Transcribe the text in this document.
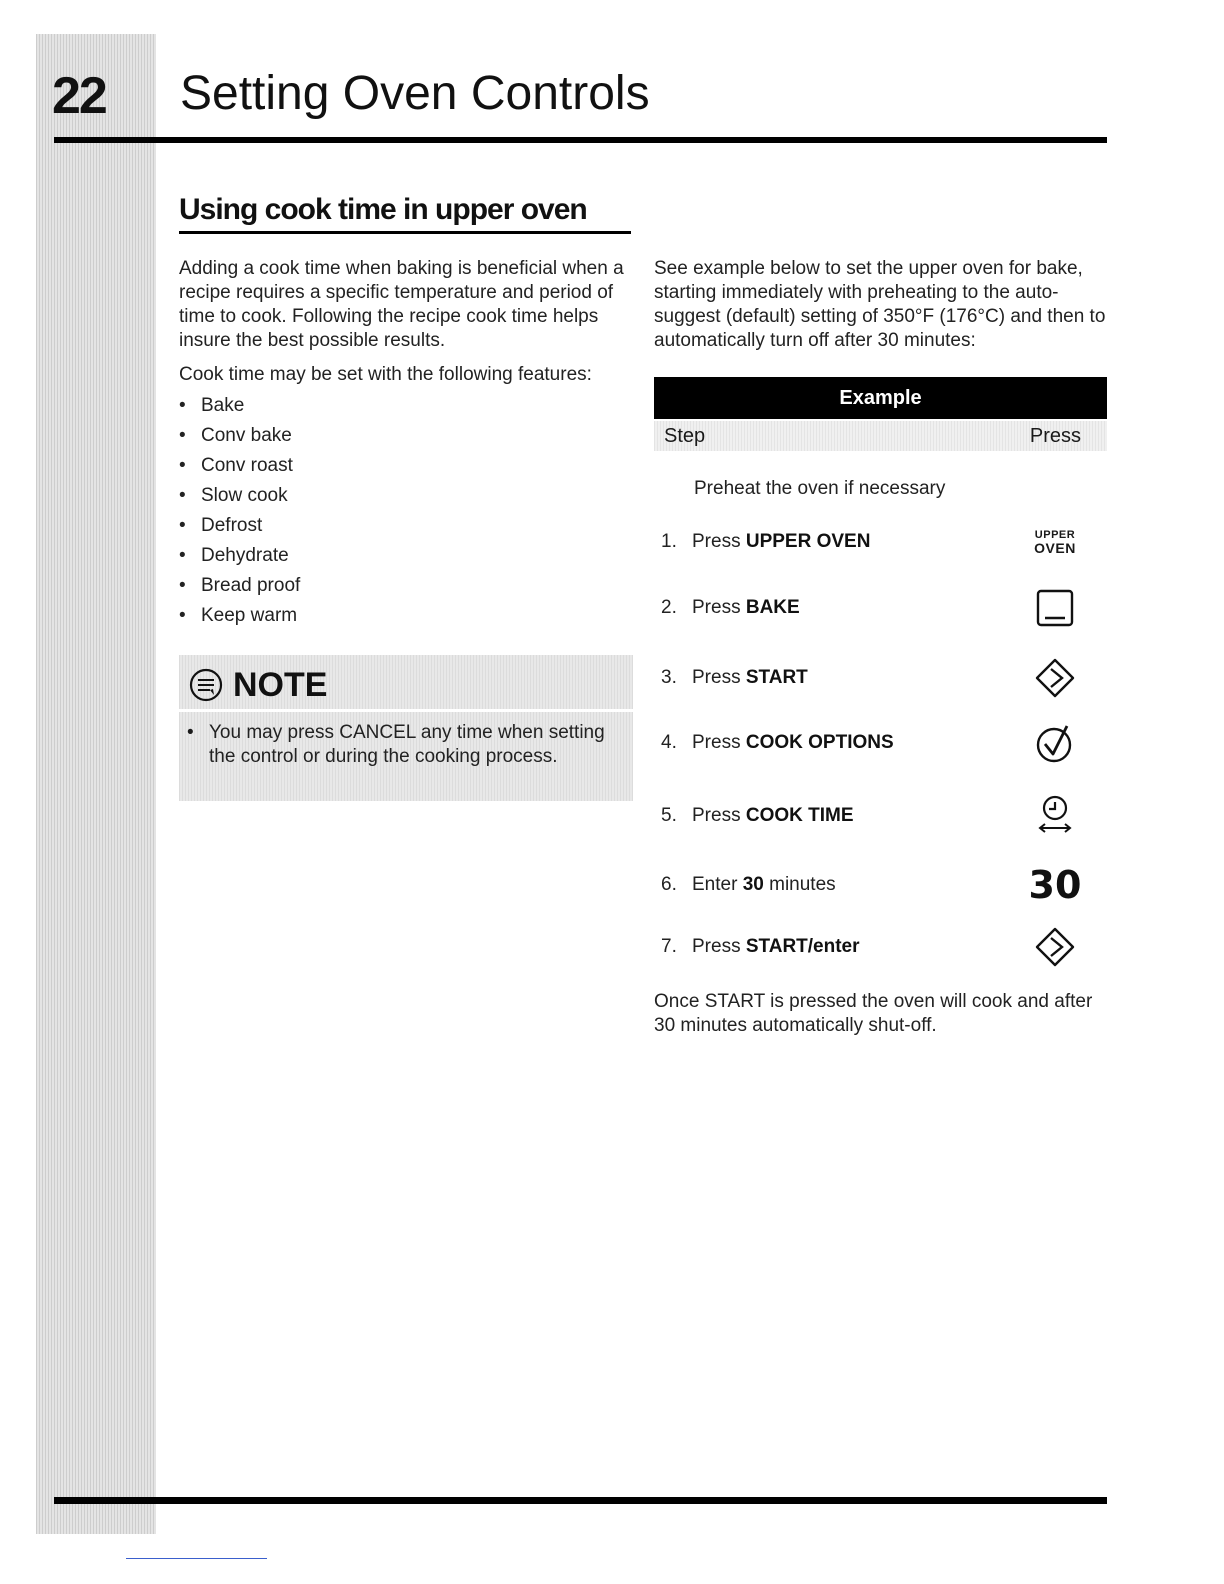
22 Setting Oven Controls
Using cook time in upper oven

Adding a cook time when baking is beneficial when a recipe requires a specific temperature and period of time to cook. Following the recipe cook time helps insure the best possible results.

Cook time may be set with the following features:

• Bake
• Conv bake
• Conv roast
• Slow cook
• Defrost
• Dehydrate
• Bread proof
• Keep warm
NOTE
• You may press CANCEL any time when setting the control or during the cooking process.

See example below to set the upper oven for bake, starting immediately with preheating to the auto-suggest (default) setting of 350°F (176°C) and then to automatically turn off after 30 minutes:

Example
Step	Press
Preheat the oven if necessary
1. Press UPPER OVEN	UPPER
OVEN
2. Press BAKE
3. Press START
4. Press COOK OPTIONS
5. Press COOK TIME
6. Enter 30 minutes	30
7. Press START/enter

Once START is pressed the oven will cook and after 30 minutes automatically shut-off.
